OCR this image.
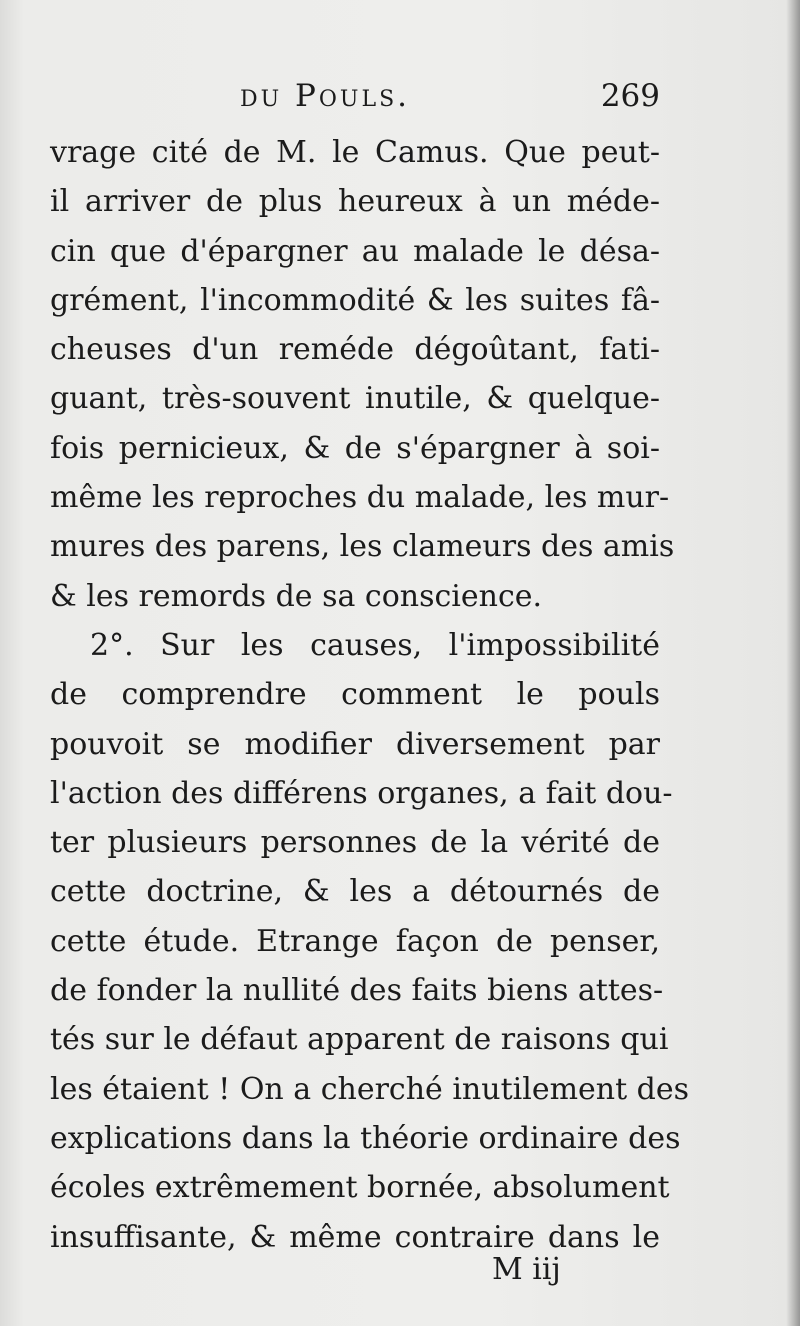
du Pouls.	269
vrage cité de M. le Camus. Que peut-
il arriver de plus heureux à un méde-
cin que d'épargner au malade le désa-
grément, l'incommodité & les suites fâ-
cheuses d'un reméde dégoûtant, fati-
guant, très-souvent inutile, & quelque-
fois pernicieux, & de s'épargner à soi-
même les reproches du malade, les mur-
mures des parens, les clameurs des amis
& les remords de sa conscience.
2°. Sur les causes, l'impossibilité
de comprendre comment le pouls
pouvoit se modifier diversement par
l'action des différens organes, a fait dou-
ter plusieurs personnes de la vérité de
cette doctrine, & les a détournés de
cette étude. Etrange façon de penser,
de fonder la nullité des faits biens attes-
tés sur le défaut apparent de raisons qui
les étaient ! On a cherché inutilement des
explications dans la théorie ordinaire des
écoles extrêmement bornée, absolument
insuffisante, & même contraire dans le
M iij
